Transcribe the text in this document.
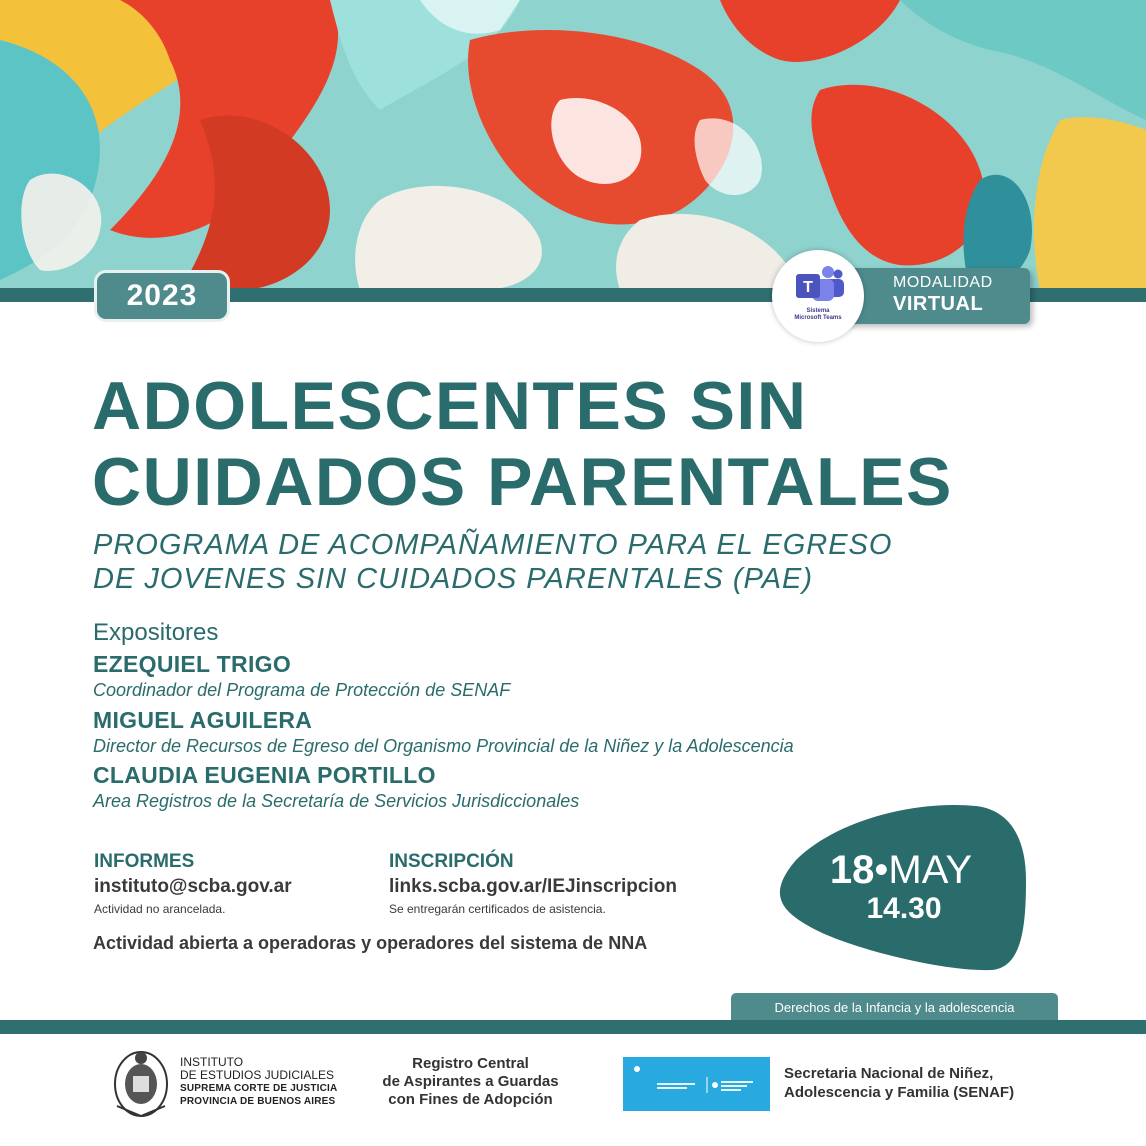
2023	MODALIDAD
VIRTUAL
T
Sistema
Microsoft Teams
ADOLESCENTES SIN
CUIDADOS PARENTALES
PROGRAMA DE ACOMPAÑAMIENTO PARA EL EGRESO
DE JOVENES SIN CUIDADOS PARENTALES (PAE)
Expositores
EZEQUIEL TRIGO
Coordinador del Programa de Protección de SENAF
MIGUEL AGUILERA
Director de Recursos de Egreso del Organismo Provincial de la Niñez y la Adolescencia
CLAUDIA EUGENIA PORTILLO
Area Registros de la Secretaría de Servicios Jurisdiccionales
INFORMES
instituto@scba.gov.ar
Actividad no arancelada.
INSCRIPCIÓN
links.scba.gov.ar/IEJinscripcion
Se entregarán certificados de asistencia.
Actividad abierta a operadoras y operadores del sistema de NNA
18•MAY
14.30
Derechos de la Infancia y la adolescencia
INSTITUTO
DE ESTUDIOS JUDICIALES
SUPREMA CORTE DE JUSTICIA
PROVINCIA DE BUENOS AIRES
Registro Central
de Aspirantes a Guardas
con Fines de Adopción
Secretaria Nacional de Niñez,
Adolescencia y Familia (SENAF)
